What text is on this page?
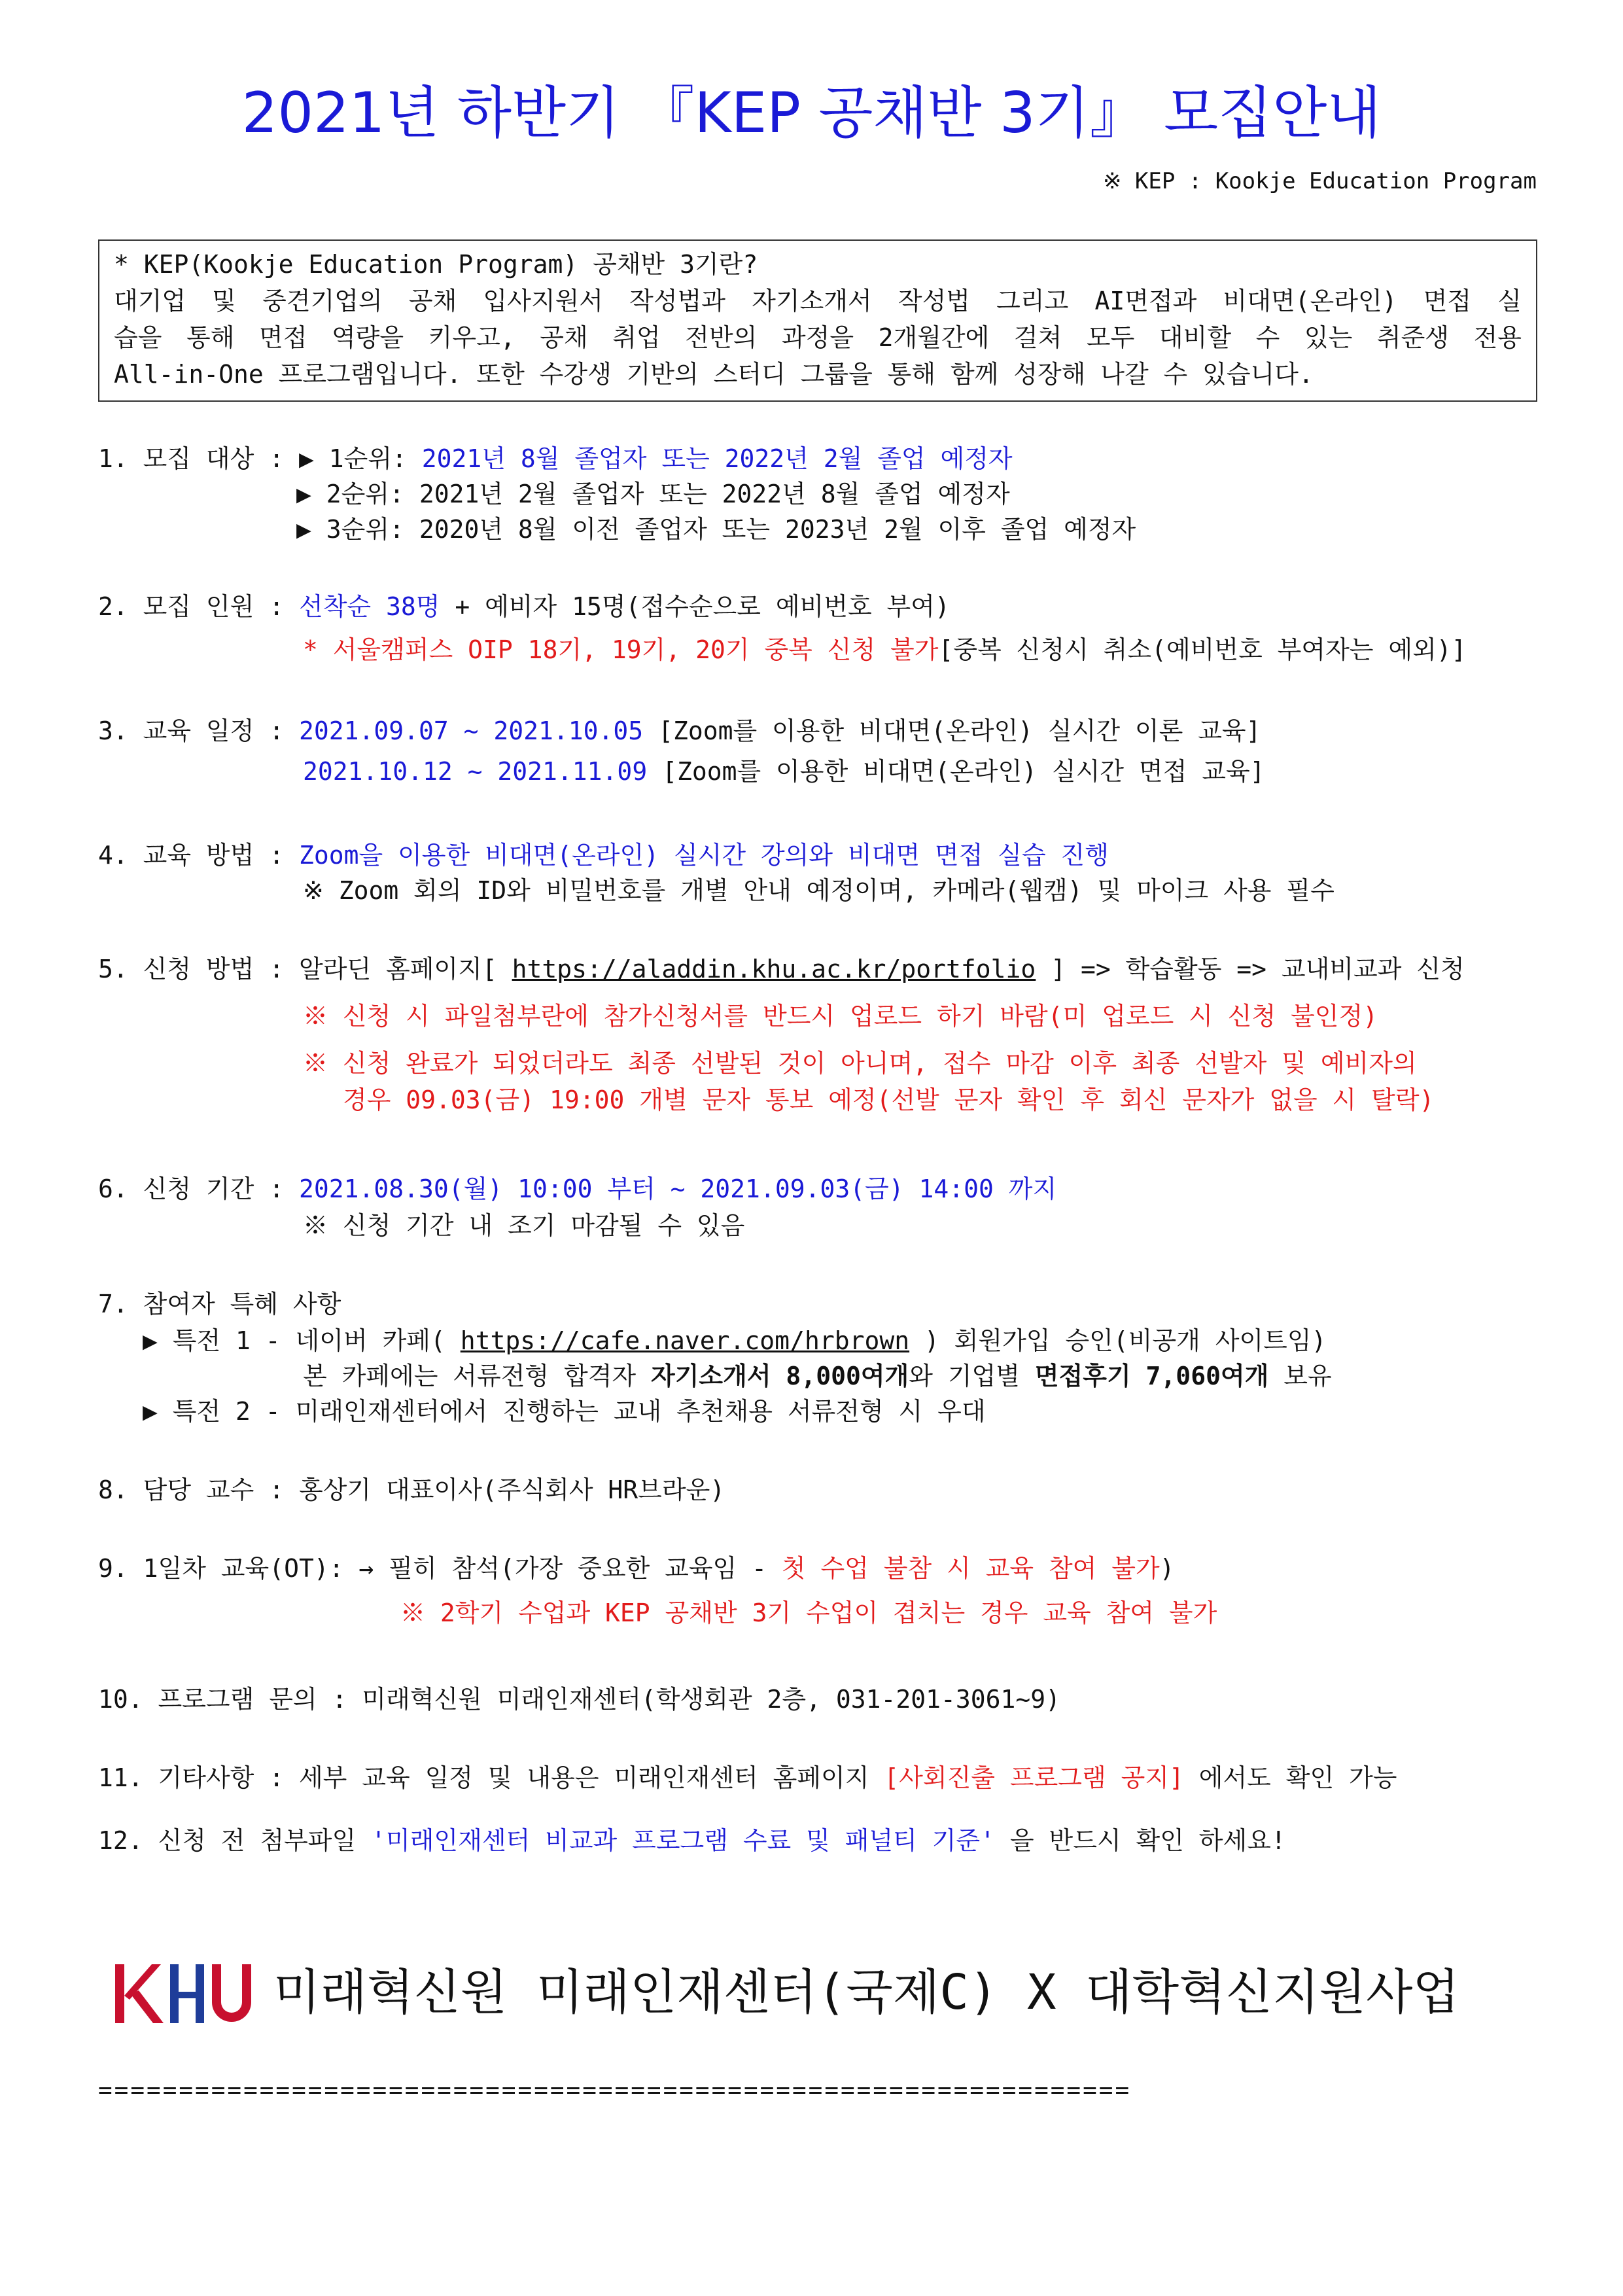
2021년 하반기 『KEP 공채반 3기』 모집안내
※ KEP : Kookje Education Program
* KEP(Kookje Education Program) 공채반 3기란?
대기업 및 중견기업의 공채 입사지원서 작성법과 자기소개서 작성법 그리고 AI면접과 비대면(온라인) 면접 실
습을 통해 면접 역량을 키우고, 공채 취업 전반의 과정을 2개월간에 걸쳐 모두 대비할 수 있는 취준생 전용
All-in-One 프로그램입니다. 또한 수강생 기반의 스터디 그룹을 통해 함께 성장해 나갈 수 있습니다.
1. 모집 대상 : ▶ 1순위: 2021년 8월 졸업자 또는 2022년 2월 졸업 예정자
▶ 2순위: 2021년 2월 졸업자 또는 2022년 8월 졸업 예정자
▶ 3순위: 2020년 8월 이전 졸업자 또는 2023년 2월 이후 졸업 예정자
2. 모집 인원 : 선착순 38명 + 예비자 15명(접수순으로 예비번호 부여)
* 서울캠퍼스 OIP 18기, 19기, 20기 중복 신청 불가[중복 신청시 취소(예비번호 부여자는 예외)]
3. 교육 일정 : 2021.09.07 ~ 2021.10.05 [Zoom를 이용한 비대면(온라인) 실시간 이론 교육]
2021.10.12 ~ 2021.11.09 [Zoom를 이용한 비대면(온라인) 실시간 면접 교육]
4. 교육 방법 : Zoom을 이용한 비대면(온라인) 실시간 강의와 비대면 면접 실습 진행
※ Zoom 회의 ID와 비밀번호를 개별 안내 예정이며, 카메라(웹캠) 및 마이크 사용 필수
5. 신청 방법 : 알라딘 홈페이지[ https://aladdin.khu.ac.kr/portfolio ] => 학습활동 => 교내비교과 신청
※ 신청 시 파일첨부란에 참가신청서를 반드시 업로드 하기 바람(미 업로드 시 신청 불인정)
※ 신청 완료가 되었더라도 최종 선발된 것이 아니며, 접수 마감 이후 최종 선발자 및 예비자의
경우 09.03(금) 19:00 개별 문자 통보 예정(선발 문자 확인 후 회신 문자가 없을 시 탈락)
6. 신청 기간 : 2021.08.30(월) 10:00 부터 ~ 2021.09.03(금) 14:00 까지
※ 신청 기간 내 조기 마감될 수 있음
7. 참여자 특혜 사항
▶ 특전 1 - 네이버 카페( https://cafe.naver.com/hrbrown ) 회원가입 승인(비공개 사이트임)
본 카페에는 서류전형 합격자 자기소개서 8,000여개와 기업별 면접후기 7,060여개 보유
▶ 특전 2 - 미래인재센터에서 진행하는 교내 추천채용 서류전형 시 우대
8. 담당 교수 : 홍상기 대표이사(주식회사 HR브라운)
9. 1일차 교육(OT): → 필히 참석(가장 중요한 교육임 - 첫 수업 불참 시 교육 참여 불가)
※ 2학기 수업과 KEP 공채반 3기 수업이 겹치는 경우 교육 참여 불가
10. 프로그램 문의 : 미래혁신원 미래인재센터(학생회관 2층, 031-201-3061~9)
11. 기타사항 : 세부 교육 일정 및 내용은 미래인재센터 홈페이지 [사회진출 프로그램 공지] 에서도 확인 가능
12. 신청 전 첨부파일 '미래인재센터 비교과 프로그램 수료 및 패널티 기준' 을 반드시 확인 하세요!
미래혁신원 미래인재센터(국제C) X 대학혁신지원사업
================================================================
